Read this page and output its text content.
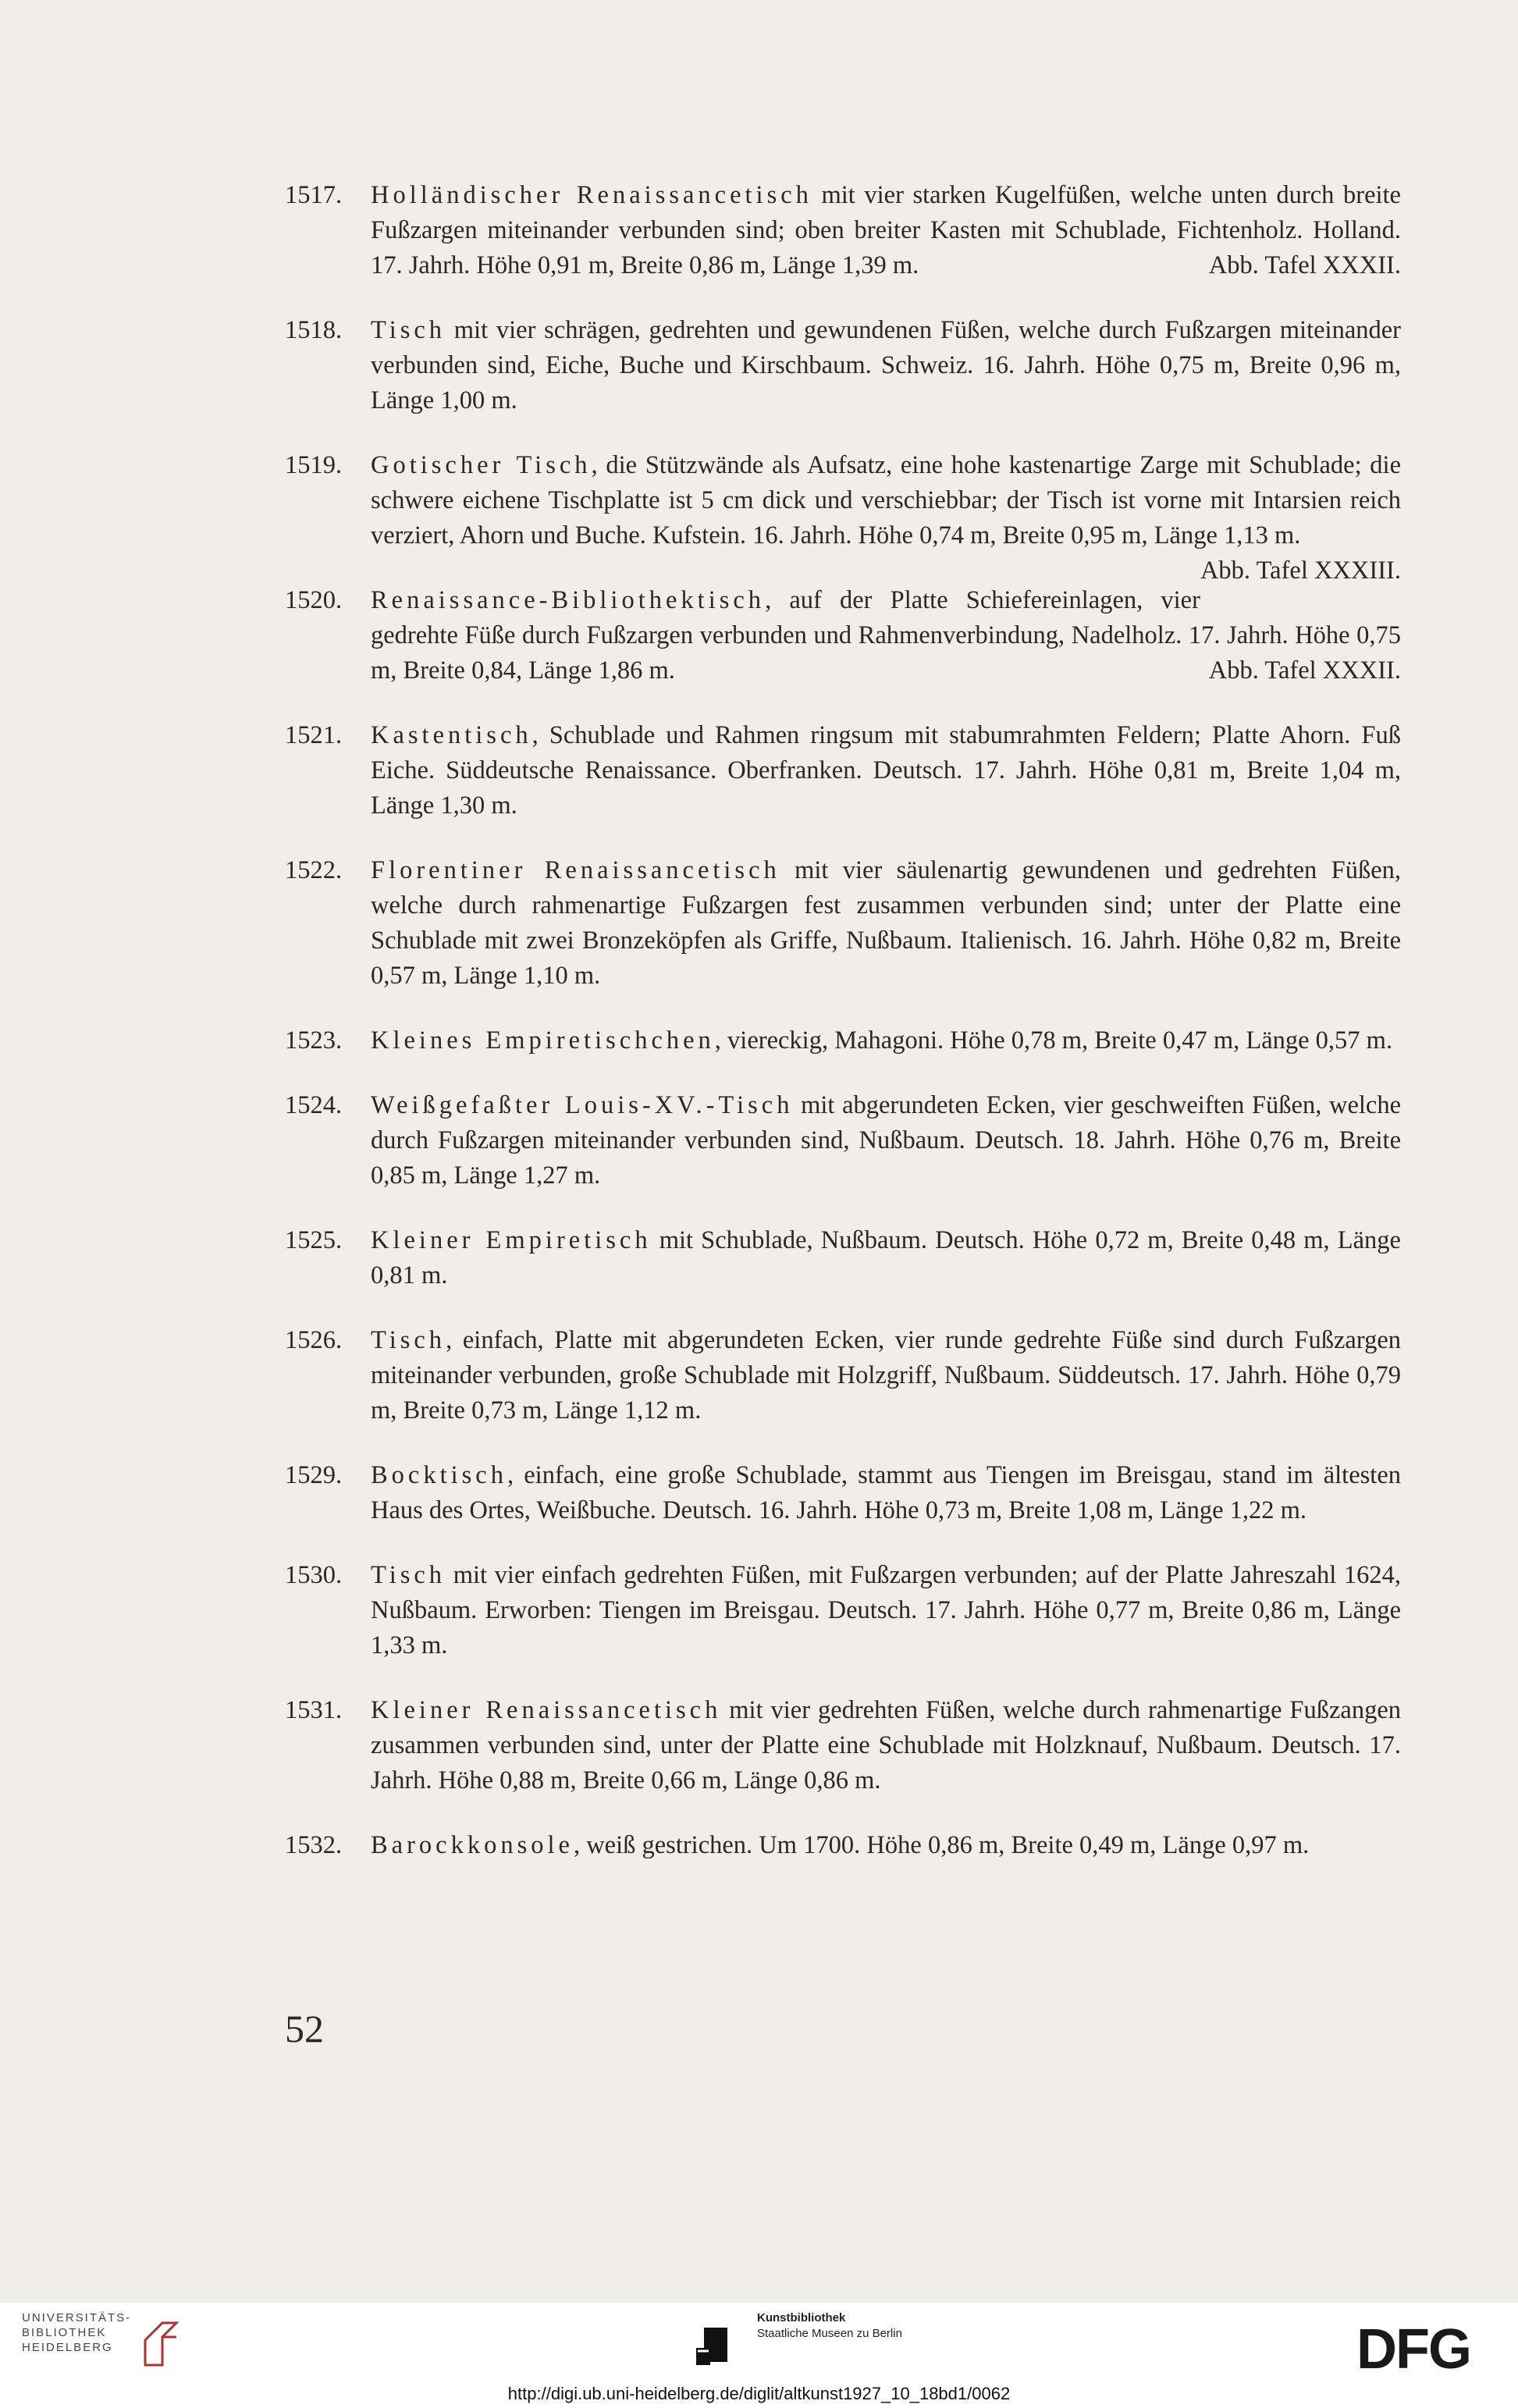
1517.	Holländischer Renaissancetisch mit vier starken Kugelfüßen, welche unten durch breite Fußzargen miteinander verbunden sind; oben breiter Kasten mit Schublade, Fichtenholz. Holland. 17. Jahrh. Höhe 0,91 m, Breite 0,86 m, Länge 1,39 m.	Abb. Tafel XXXII.
1518.	Tisch mit vier schrägen, gedrehten und gewundenen Füßen, welche durch Fußzargen miteinander verbunden sind, Eiche, Buche und Kirschbaum. Schweiz. 16. Jahrh. Höhe 0,75 m, Breite 0,96 m, Länge 1,00 m.
1519.	Gotischer Tisch, die Stützwände als Aufsatz, eine hohe kastenartige Zarge mit Schublade; die schwere eichene Tischplatte ist 5 cm dick und verschiebbar; der Tisch ist vorne mit Intarsien reich verziert, Ahorn und Buche. Kufstein. 16. Jahrh. Höhe 0,74 m, Breite 0,95 m, Länge 1,13 m.
Abb. Tafel XXXIII.
1520.	Renaissance-Bibliothektisch, auf der Platte Schiefereinlagen, vier gedrehte Füße durch Fußzargen verbunden und Rahmenverbindung, Nadelholz. 17. Jahrh. Höhe 0,75 m, Breite 0,84, Länge 1,86 m.	Abb. Tafel XXXII.
1521.	Kastentisch, Schublade und Rahmen ringsum mit stabumrahmten Feldern; Platte Ahorn. Fuß Eiche. Süddeutsche Renaissance. Oberfranken. Deutsch. 17. Jahrh. Höhe 0,81 m, Breite 1,04 m, Länge 1,30 m.
1522.	Florentiner Renaissancetisch mit vier säulenartig gewundenen und gedrehten Füßen, welche durch rahmenartige Fußzargen fest zusammen verbunden sind; unter der Platte eine Schublade mit zwei Bronzeköpfen als Griffe, Nußbaum. Italienisch. 16. Jahrh. Höhe 0,82 m, Breite 0,57 m, Länge 1,10 m.
1523.	Kleines Empiretischchen, viereckig, Mahagoni. Höhe 0,78 m, Breite 0,47 m, Länge 0,57 m.
1524.	Weißgefaßter Louis-XV.-Tisch mit abgerundeten Ecken, vier geschweiften Füßen, welche durch Fußzargen miteinander verbunden sind, Nußbaum. Deutsch. 18. Jahrh. Höhe 0,76 m, Breite 0,85 m, Länge 1,27 m.
1525.	Kleiner Empiretisch mit Schublade, Nußbaum. Deutsch. Höhe 0,72 m, Breite 0,48 m, Länge 0,81 m.
1526.	Tisch, einfach, Platte mit abgerundeten Ecken, vier runde gedrehte Füße sind durch Fußzargen miteinander verbunden, große Schublade mit Holzgriff, Nußbaum. Süddeutsch. 17. Jahrh. Höhe 0,79 m, Breite 0,73 m, Länge 1,12 m.
1529.	Bocktisch, einfach, eine große Schublade, stammt aus Tiengen im Breisgau, stand im ältesten Haus des Ortes, Weißbuche. Deutsch. 16. Jahrh. Höhe 0,73 m, Breite 1,08 m, Länge 1,22 m.
1530.	Tisch mit vier einfach gedrehten Füßen, mit Fußzargen verbunden; auf der Platte Jahreszahl 1624, Nußbaum. Erworben: Tiengen im Breisgau. Deutsch. 17. Jahrh. Höhe 0,77 m, Breite 0,86 m, Länge 1,33 m.
1531.	Kleiner Renaissancetisch mit vier gedrehten Füßen, welche durch rahmenartige Fußzangen zusammen verbunden sind, unter der Platte eine Schublade mit Holzknauf, Nußbaum. Deutsch. 17. Jahrh. Höhe 0,88 m, Breite 0,66 m, Länge 0,86 m.
1532.	Barockkonsole, weiß gestrichen. Um 1700. Höhe 0,86 m, Breite 0,49 m, Länge 0,97 m.
52
UNIVERSITÄTS-
BIBLIOTHEK
HEIDELBERG
Kunstbibliothek
Staatliche Museen zu Berlin	DFG
http://digi.ub.uni-heidelberg.de/diglit/altkunst1927_10_18bd1/0062
